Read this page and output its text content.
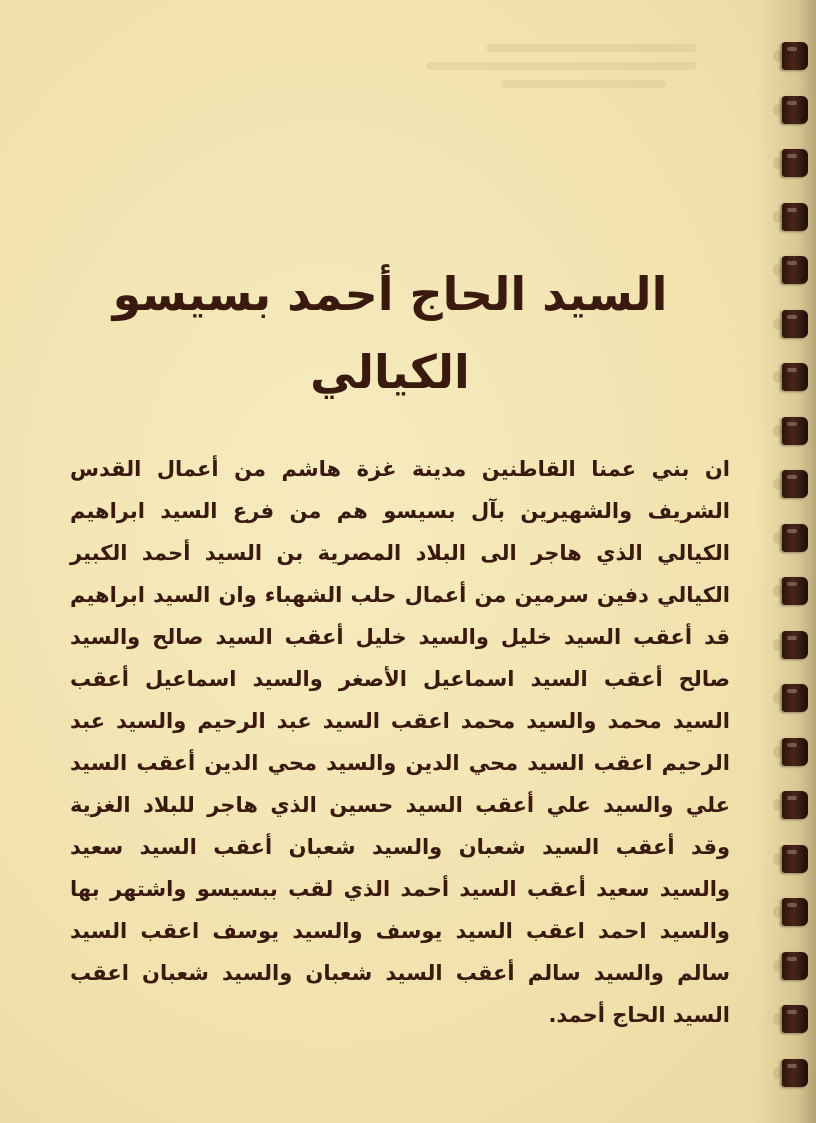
السيد الحاج أحمد بسيسو
الكيالي

ان بني عمنا القاطنين مدينة غزة هاشم من أعمال القدس الشريف والشهيرين بآل بسيسو هم من فرع السيد ابراهيم الكيالي الذي هاجر الى البلاد المصرية بن السيد أحمد الكبير الكيالي دفين سرمين من أعمال حلب الشهباء وان السيد ابراهيم قد أعقب السيد خليل والسيد خليل أعقب السيد صالح والسيد صالح أعقب السيد اسماعيل الأصغر والسيد اسماعيل أعقب السيد محمد والسيد محمد اعقب السيد عبد الرحيم والسيد عبد الرحيم اعقب السيد محي الدين والسيد محي الدين أعقب السيد علي والسيد علي أعقب السيد حسين الذي هاجر للبلاد الغزية وقد أعقب السيد شعبان والسيد شعبان أعقب السيد سعيد والسيد سعيد أعقب السيد أحمد الذي لقب ببسيسو واشتهر بها والسيد احمد اعقب السيد يوسف والسيد يوسف اعقب السيد سالم والسيد سالم أعقب السيد شعبان والسيد شعبان اعقب السيد الحاج أحمد.
